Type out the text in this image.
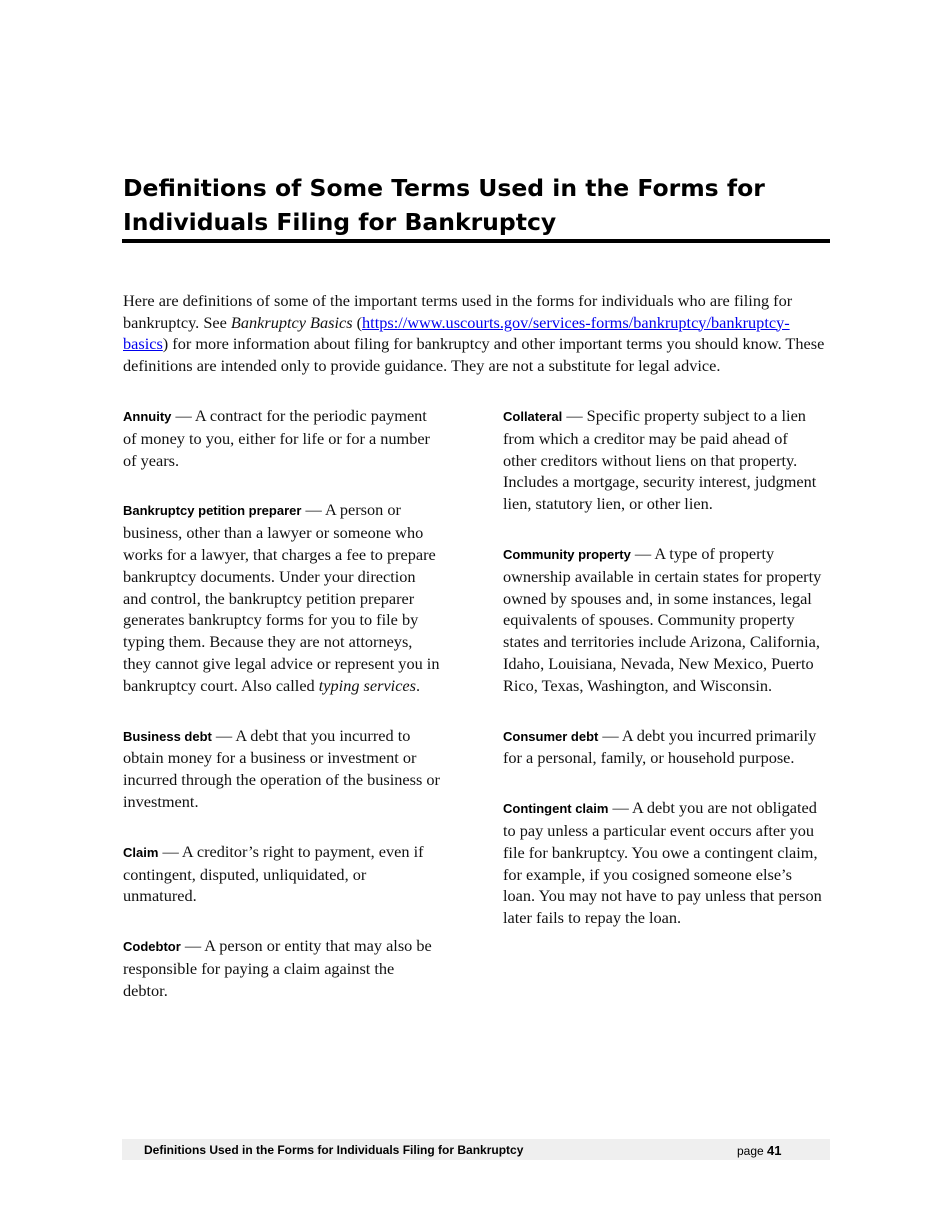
Definitions of Some Terms Used in the Forms for
Individuals Filing for Bankruptcy

Here are definitions of some of the important terms used in the forms for individuals who are filing for bankruptcy. See Bankruptcy Basics (https://www.uscourts.gov/services-forms/bankruptcy/bankruptcy-basics) for more information about filing for bankruptcy and other important terms you should know. These definitions are intended only to provide guidance. They are not a substitute for legal advice.

Annuity — A contract for the periodic payment of money to you, either for life or for a number of years.

Bankruptcy petition preparer — A person or business, other than a lawyer or someone who works for a lawyer, that charges a fee to prepare bankruptcy documents. Under your direction and control, the bankruptcy petition preparer generates bankruptcy forms for you to file by typing them. Because they are not attorneys, they cannot give legal advice or represent you in bankruptcy court. Also called typing services.

Business debt — A debt that you incurred to obtain money for a business or investment or incurred through the operation of the business or investment.

Claim — A creditor’s right to payment, even if contingent, disputed, unliquidated, or unmatured.

Codebtor — A person or entity that may also be responsible for paying a claim against the debtor.

Collateral — Specific property subject to a lien from which a creditor may be paid ahead of other creditors without liens on that property. Includes a mortgage, security interest, judgment lien, statutory lien, or other lien.

Community property — A type of property ownership available in certain states for property owned by spouses and, in some instances, legal equivalents of spouses. Community property states and territories include Arizona, California, Idaho, Louisiana, Nevada, New Mexico, Puerto Rico, Texas, Washington, and Wisconsin.

Consumer debt — A debt you incurred primarily for a personal, family, or household purpose.

Contingent claim — A debt you are not obligated to pay unless a particular event occurs after you file for bankruptcy. You owe a contingent claim, for example, if you cosigned someone else’s loan. You may not have to pay unless that person later fails to repay the loan.

Definitions Used in the Forms for Individuals Filing for Bankruptcy	page 41
